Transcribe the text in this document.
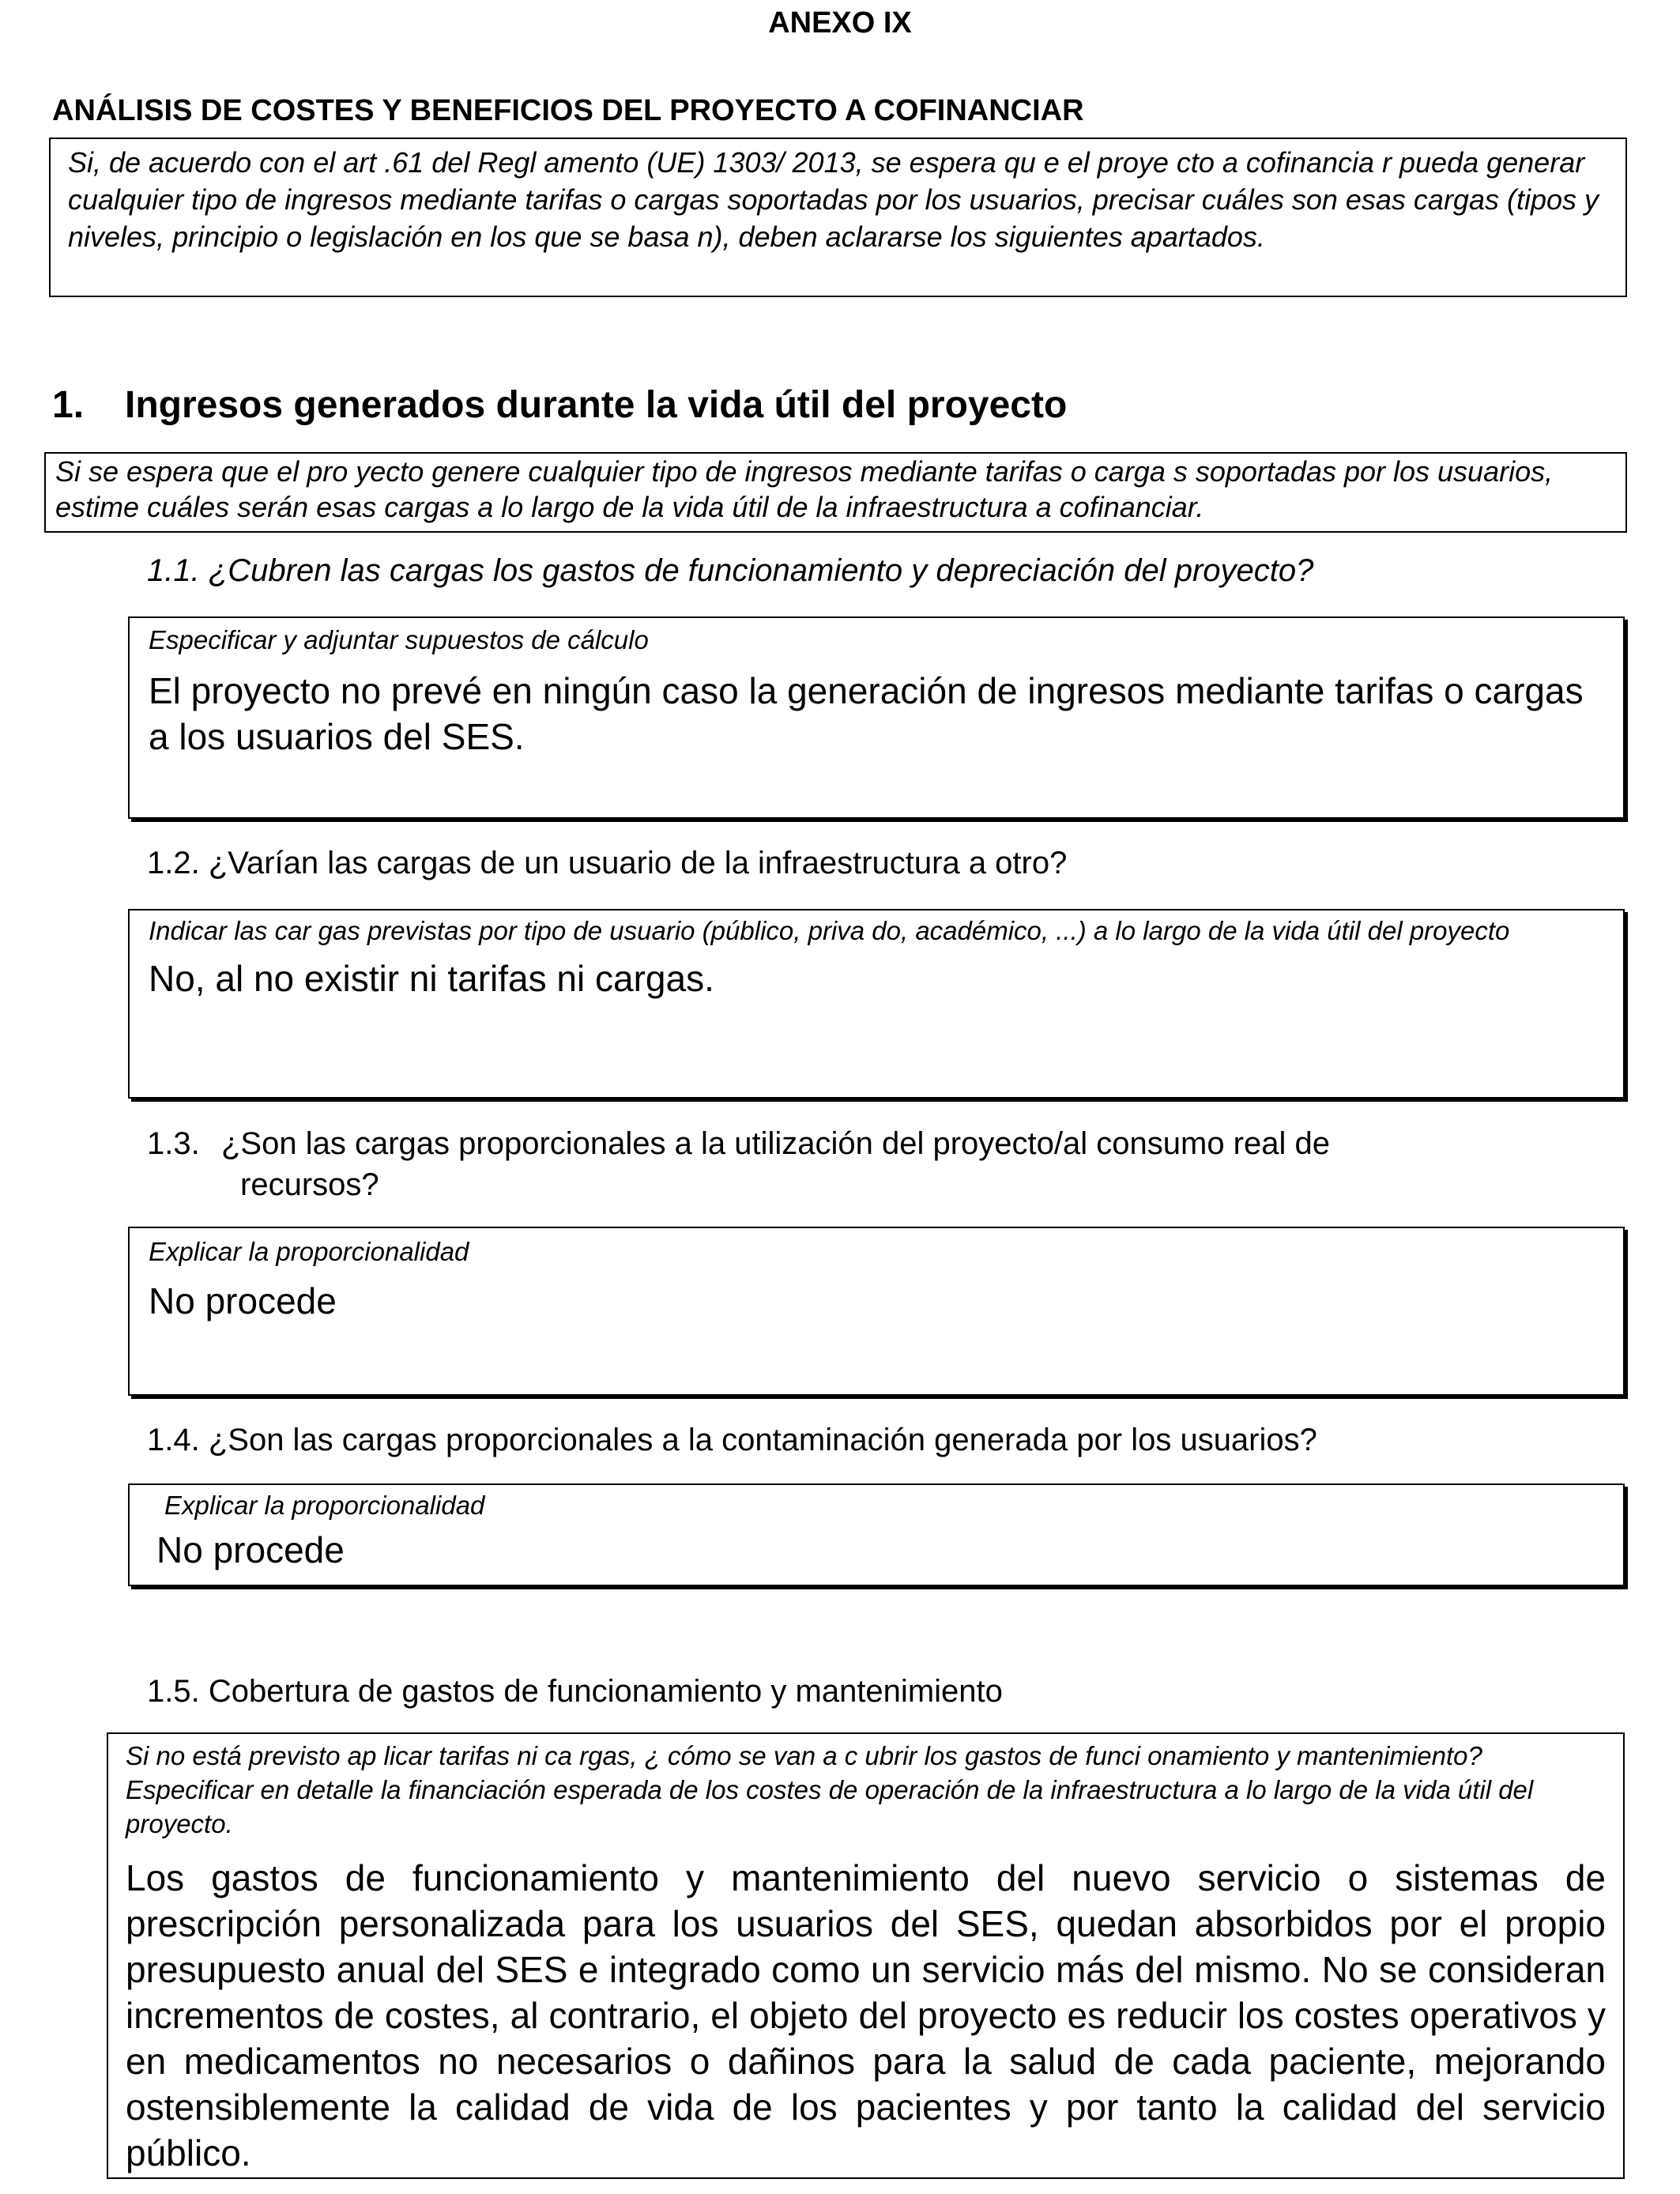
ANEXO IX
ANÁLISIS DE COSTES Y BENEFICIOS DEL PROYECTO A COFINANCIAR
Si, de acuerdo con el art .61 del Regl amento (UE) 1303/ 2013, se espera qu e el proye cto a cofinancia r pueda generar cualquier tipo de ingresos mediante tarifas o cargas soportadas por los usuarios, precisar cuáles son esas cargas (tipos y niveles, principio o legislación en los que se basa n), deben aclararse los siguientes apartados.
1. Ingresos generados durante la vida útil del proyecto
Si se espera que el pro yecto genere cualquier tipo de ingresos mediante tarifas o carga s soportadas por los usuarios, estime cuáles serán esas cargas a lo largo de la vida útil de la infraestructura a cofinanciar.
1.1. ¿Cubren las cargas los gastos de funcionamiento y depreciación del proyecto?
Especificar y adjuntar supuestos de cálculo
El proyecto no prevé en ningún caso la generación de ingresos mediante tarifas o cargas a los usuarios del SES.
1.2. ¿Varían las cargas de un usuario de la infraestructura a otro?
Indicar las car gas previstas por tipo de usuario (público, priva do, académico, ...) a lo largo de la vida útil del proyecto
No, al no existir ni tarifas ni cargas.
1.3. ¿Son las cargas proporcionales a la utilización del proyecto/al consumo real de
recursos?
Explicar la proporcionalidad
No procede
1.4. ¿Son las cargas proporcionales a la contaminación generada por los usuarios?
Explicar la proporcionalidad
No procede
1.5. Cobertura de gastos de funcionamiento y mantenimiento
Si no está previsto ap licar tarifas ni ca rgas, ¿ cómo se van a c ubrir los gastos de funci onamiento y mantenimiento? Especificar en detalle la financiación esperada de los costes de operación de la infraestructura a lo largo de la vida útil del proyecto.
Los gastos de funcionamiento y mantenimiento del nuevo servicio o sistemas de prescripción personalizada para los usuarios del SES, quedan absorbidos por el propio presupuesto anual del SES e integrado como un servicio más del mismo. No se consideran incrementos de costes, al contrario, el objeto del proyecto es reducir los costes operativos y en medicamentos no necesarios o dañinos para la salud de cada paciente, mejorando ostensiblemente la calidad de vida de los pacientes y por tanto la calidad del servicio público.
